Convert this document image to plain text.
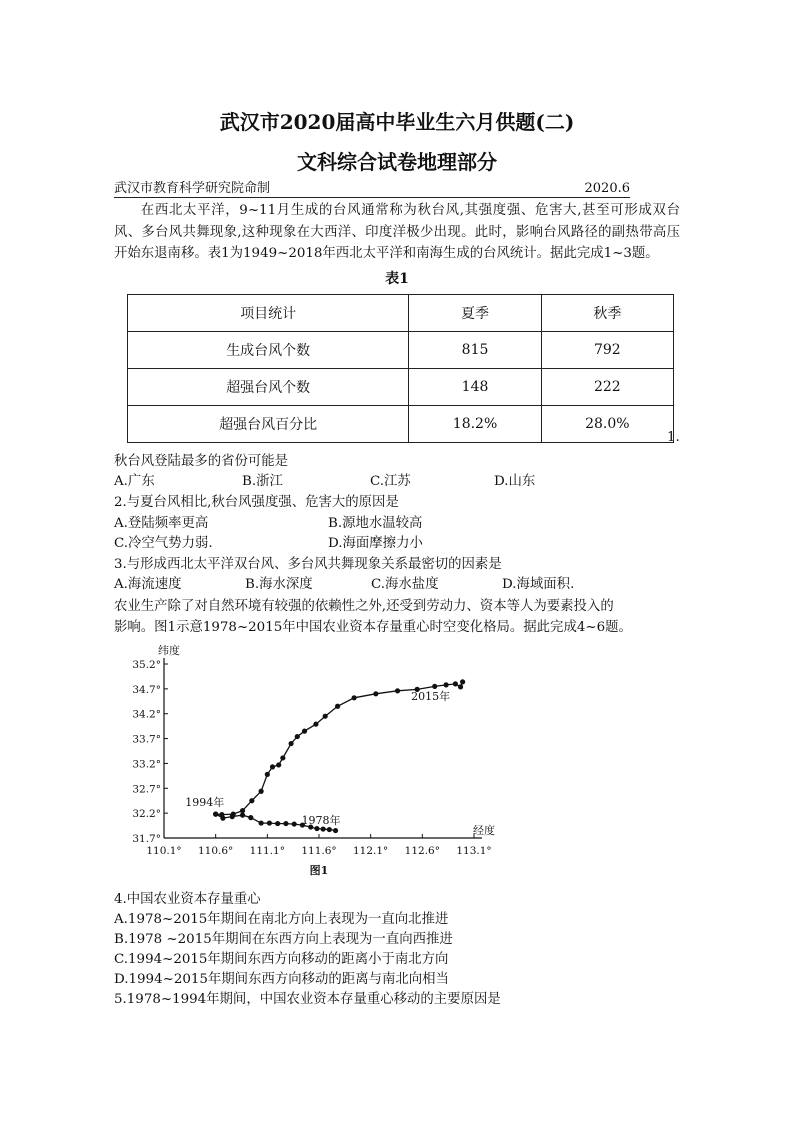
武汉市2020届高中毕业生六月供题(二)
文科综合试卷地理部分
武汉市教育科学研究院命制	2020.6
在西北太平洋，9~11月生成的台风通常称为秋台风,其强度强、危害大,甚至可形成双台风、多台风共舞现象,这种现象在大西洋、印度洋极少出现。此时，影响台风路径的副热带高压开始东退南移。表1为1949~2018年西北太平洋和南海生成的台风统计。据此完成1~3题。
表1
项目统计	夏季	秋季
生成台风个数	815	792
超强台风个数	148	222
超强台风百分比	18.2%	28.0%
1.
秋台风登陆最多的省份可能是
A.广东	B.浙江	C.江苏	D.山东
2.与夏台风相比,秋台风强度强、危害大的原因是
A.登陆频率更高	B.源地水温较高
C.冷空气势力弱.	D.海面摩擦力小
3.与形成西北太平洋双台风、多台风共舞现象关系最密切的因素是
A.海流速度	B.海水深度	C.海水盐度	D.海域面积.
农业生产除了对自然环境有较强的依赖性之外,还受到劳动力、资本等人为要素投入的
影响。图1示意1978~2015年中国农业资本存量重心时空变化格局。据此完成4~6题。
110.1° 110.6° 111.1° 111.6° 112.1° 112.6° 113.1°
31.7°
32.2°
32.7°
33.2°
33.7°
34.2°
34.7°
35.2°
纬度
经度
1978年
1994年
2015年
图1
4.中国农业资本存量重心
A.1978~2015年期间在南北方向上表现为一直向北推进
B.1978 ~2015年期间在东西方向上表现为一直向西推进
C.1994~2015年期间东西方向移动的距离小于南北方向
D.1994~2015年期间东西方向移动的距离与南北向相当
5.1978~1994年期间，中国农业资本存量重心移动的主要原因是
